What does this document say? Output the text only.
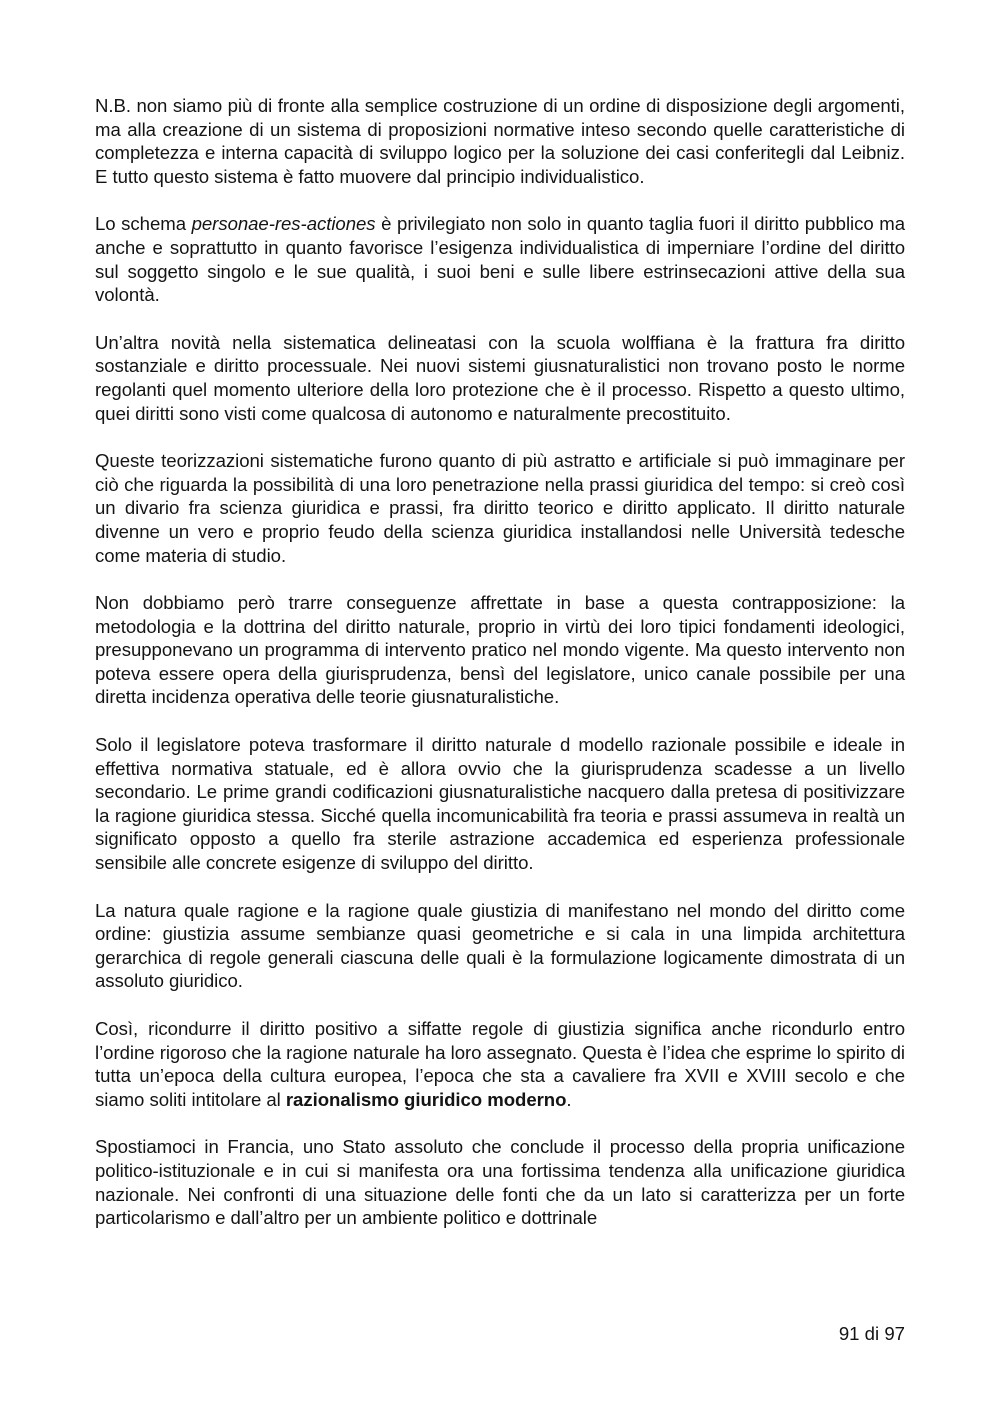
N.B. non siamo più di fronte alla semplice costruzione di un ordine di disposizione degli argomenti, ma alla creazione di un sistema di proposizioni normative inteso secondo quelle caratteristiche di completezza e interna capacità di sviluppo logico per la soluzione dei casi conferitegli dal Leibniz. E tutto questo sistema è fatto muovere dal principio individualistico.

Lo schema personae-res-actiones è privilegiato non solo in quanto taglia fuori il diritto pubblico ma anche e soprattutto in quanto favorisce l’esigenza individualistica di imperniare l’ordine del diritto sul soggetto singolo e le sue qualità, i suoi beni e sulle libere estrinsecazioni attive della sua volontà.

Un’altra novità nella sistematica delineatasi con la scuola wolffiana è la frattura fra diritto sostanziale e diritto processuale. Nei nuovi sistemi giusnaturalistici non trovano posto le norme regolanti quel momento ulteriore della loro protezione che è il processo. Rispetto a questo ultimo, quei diritti sono visti come qualcosa di autonomo e naturalmente precostituito.

Queste teorizzazioni sistematiche furono quanto di più astratto e artificiale si può immaginare per ciò che riguarda la possibilità di una loro penetrazione nella prassi giuridica del tempo: si creò così un divario fra scienza giuridica e prassi, fra diritto teorico e diritto applicato. Il diritto naturale divenne un vero e proprio feudo della scienza giuridica installandosi nelle Università tedesche come materia di studio.

Non dobbiamo però trarre conseguenze affrettate in base a questa contrapposizione: la metodologia e la dottrina del diritto naturale, proprio in virtù dei loro tipici fondamenti ideologici, presupponevano un programma di intervento pratico nel mondo vigente. Ma questo intervento non poteva essere opera della giurisprudenza, bensì del legislatore, unico canale possibile per una diretta incidenza operativa delle teorie giusnaturalistiche.

Solo il legislatore poteva trasformare il diritto naturale d modello razionale possibile e ideale in effettiva normativa statuale, ed è allora ovvio che la giurisprudenza scadesse a un livello secondario. Le prime grandi codificazioni giusnaturalistiche nacquero dalla pretesa di positivizzare la ragione giuridica stessa. Sicché quella incomunicabilità fra teoria e prassi assumeva in realtà un significato opposto a quello fra sterile astrazione accademica ed esperienza professionale sensibile alle concrete esigenze di sviluppo del diritto.

La natura quale ragione e la ragione quale giustizia di manifestano nel mondo del diritto come ordine: giustizia assume sembianze quasi geometriche e si cala in una limpida architettura gerarchica di regole generali ciascuna delle quali è la formulazione logicamente dimostrata di un assoluto giuridico.

Così, ricondurre il diritto positivo a siffatte regole di giustizia significa anche ricondurlo entro l’ordine rigoroso che la ragione naturale ha loro assegnato. Questa è l’idea che esprime lo spirito di tutta un’epoca della cultura europea, l’epoca che sta a cavaliere fra XVII e XVIII secolo e che siamo soliti intitolare al razionalismo giuridico moderno.

Spostiamoci in Francia, uno Stato assoluto che conclude il processo della propria unificazione politico-istituzionale e in cui si manifesta ora una fortissima tendenza alla unificazione giuridica nazionale. Nei confronti di una situazione delle fonti che da un lato si caratterizza per un forte particolarismo e dall’altro per un ambiente politico e dottrinale

91 di 97
